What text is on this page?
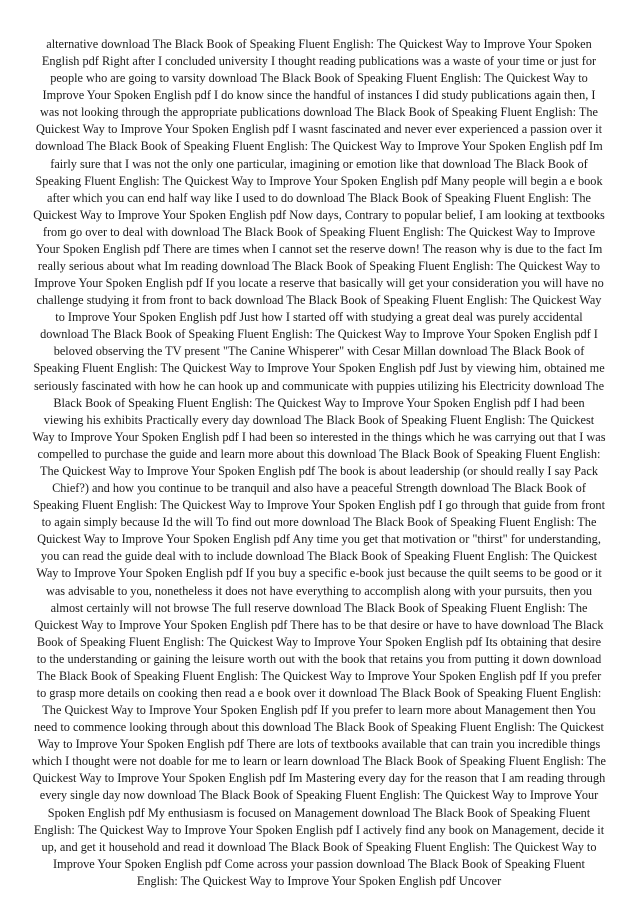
alternative download The Black Book of Speaking Fluent English: The Quickest Way to Improve Your Spoken English pdf Right after I concluded university I thought reading publications was a waste of your time or just for people who are going to varsity download The Black Book of Speaking Fluent English: The Quickest Way to Improve Your Spoken English pdf I do know since the handful of instances I did study publications again then, I was not looking through the appropriate publications download The Black Book of Speaking Fluent English: The Quickest Way to Improve Your Spoken English pdf I wasnt fascinated and never ever experienced a passion over it download The Black Book of Speaking Fluent English: The Quickest Way to Improve Your Spoken English pdf Im fairly sure that I was not the only one particular, imagining or emotion like that download The Black Book of Speaking Fluent English: The Quickest Way to Improve Your Spoken English pdf Many people will begin a e book after which you can end half way like I used to do download The Black Book of Speaking Fluent English: The Quickest Way to Improve Your Spoken English pdf Now days, Contrary to popular belief, I am looking at textbooks from go over to deal with download The Black Book of Speaking Fluent English: The Quickest Way to Improve Your Spoken English pdf There are times when I cannot set the reserve down! The reason why is due to the fact Im really serious about what Im reading download The Black Book of Speaking Fluent English: The Quickest Way to Improve Your Spoken English pdf If you locate a reserve that basically will get your consideration you will have no challenge studying it from front to back download The Black Book of Speaking Fluent English: The Quickest Way to Improve Your Spoken English pdf Just how I started off with studying a great deal was purely accidental download The Black Book of Speaking Fluent English: The Quickest Way to Improve Your Spoken English pdf I beloved observing the TV present "The Canine Whisperer" with Cesar Millan download The Black Book of Speaking Fluent English: The Quickest Way to Improve Your Spoken English pdf Just by viewing him, obtained me seriously fascinated with how he can hook up and communicate with puppies utilizing his Electricity download The Black Book of Speaking Fluent English: The Quickest Way to Improve Your Spoken English pdf I had been viewing his exhibits Practically every day download The Black Book of Speaking Fluent English: The Quickest Way to Improve Your Spoken English pdf I had been so interested in the things which he was carrying out that I was compelled to purchase the guide and learn more about this download The Black Book of Speaking Fluent English: The Quickest Way to Improve Your Spoken English pdf The book is about leadership (or should really I say Pack Chief?) and how you continue to be tranquil and also have a peaceful Strength download The Black Book of Speaking Fluent English: The Quickest Way to Improve Your Spoken English pdf I go through that guide from front to again simply because Id the will To find out more download The Black Book of Speaking Fluent English: The Quickest Way to Improve Your Spoken English pdf Any time you get that motivation or "thirst" for understanding, you can read the guide deal with to include download The Black Book of Speaking Fluent English: The Quickest Way to Improve Your Spoken English pdf If you buy a specific e-book just because the quilt seems to be good or it was advisable to you, nonetheless it does not have everything to accomplish along with your pursuits, then you almost certainly will not browse The full reserve download The Black Book of Speaking Fluent English: The Quickest Way to Improve Your Spoken English pdf There has to be that desire or have to have download The Black Book of Speaking Fluent English: The Quickest Way to Improve Your Spoken English pdf Its obtaining that desire to the understanding or gaining the leisure worth out with the book that retains you from putting it down download The Black Book of Speaking Fluent English: The Quickest Way to Improve Your Spoken English pdf If you prefer to grasp more details on cooking then read a e book over it download The Black Book of Speaking Fluent English: The Quickest Way to Improve Your Spoken English pdf If you prefer to learn more about Management then You need to commence looking through about this download The Black Book of Speaking Fluent English: The Quickest Way to Improve Your Spoken English pdf There are lots of textbooks available that can train you incredible things which I thought were not doable for me to learn or learn download The Black Book of Speaking Fluent English: The Quickest Way to Improve Your Spoken English pdf Im Mastering every day for the reason that I am reading through every single day now download The Black Book of Speaking Fluent English: The Quickest Way to Improve Your Spoken English pdf My enthusiasm is focused on Management download The Black Book of Speaking Fluent English: The Quickest Way to Improve Your Spoken English pdf I actively find any book on Management, decide it up, and get it household and read it download The Black Book of Speaking Fluent English: The Quickest Way to Improve Your Spoken English pdf Come across your passion download The Black Book of Speaking Fluent English: The Quickest Way to Improve Your Spoken English pdf Uncover
